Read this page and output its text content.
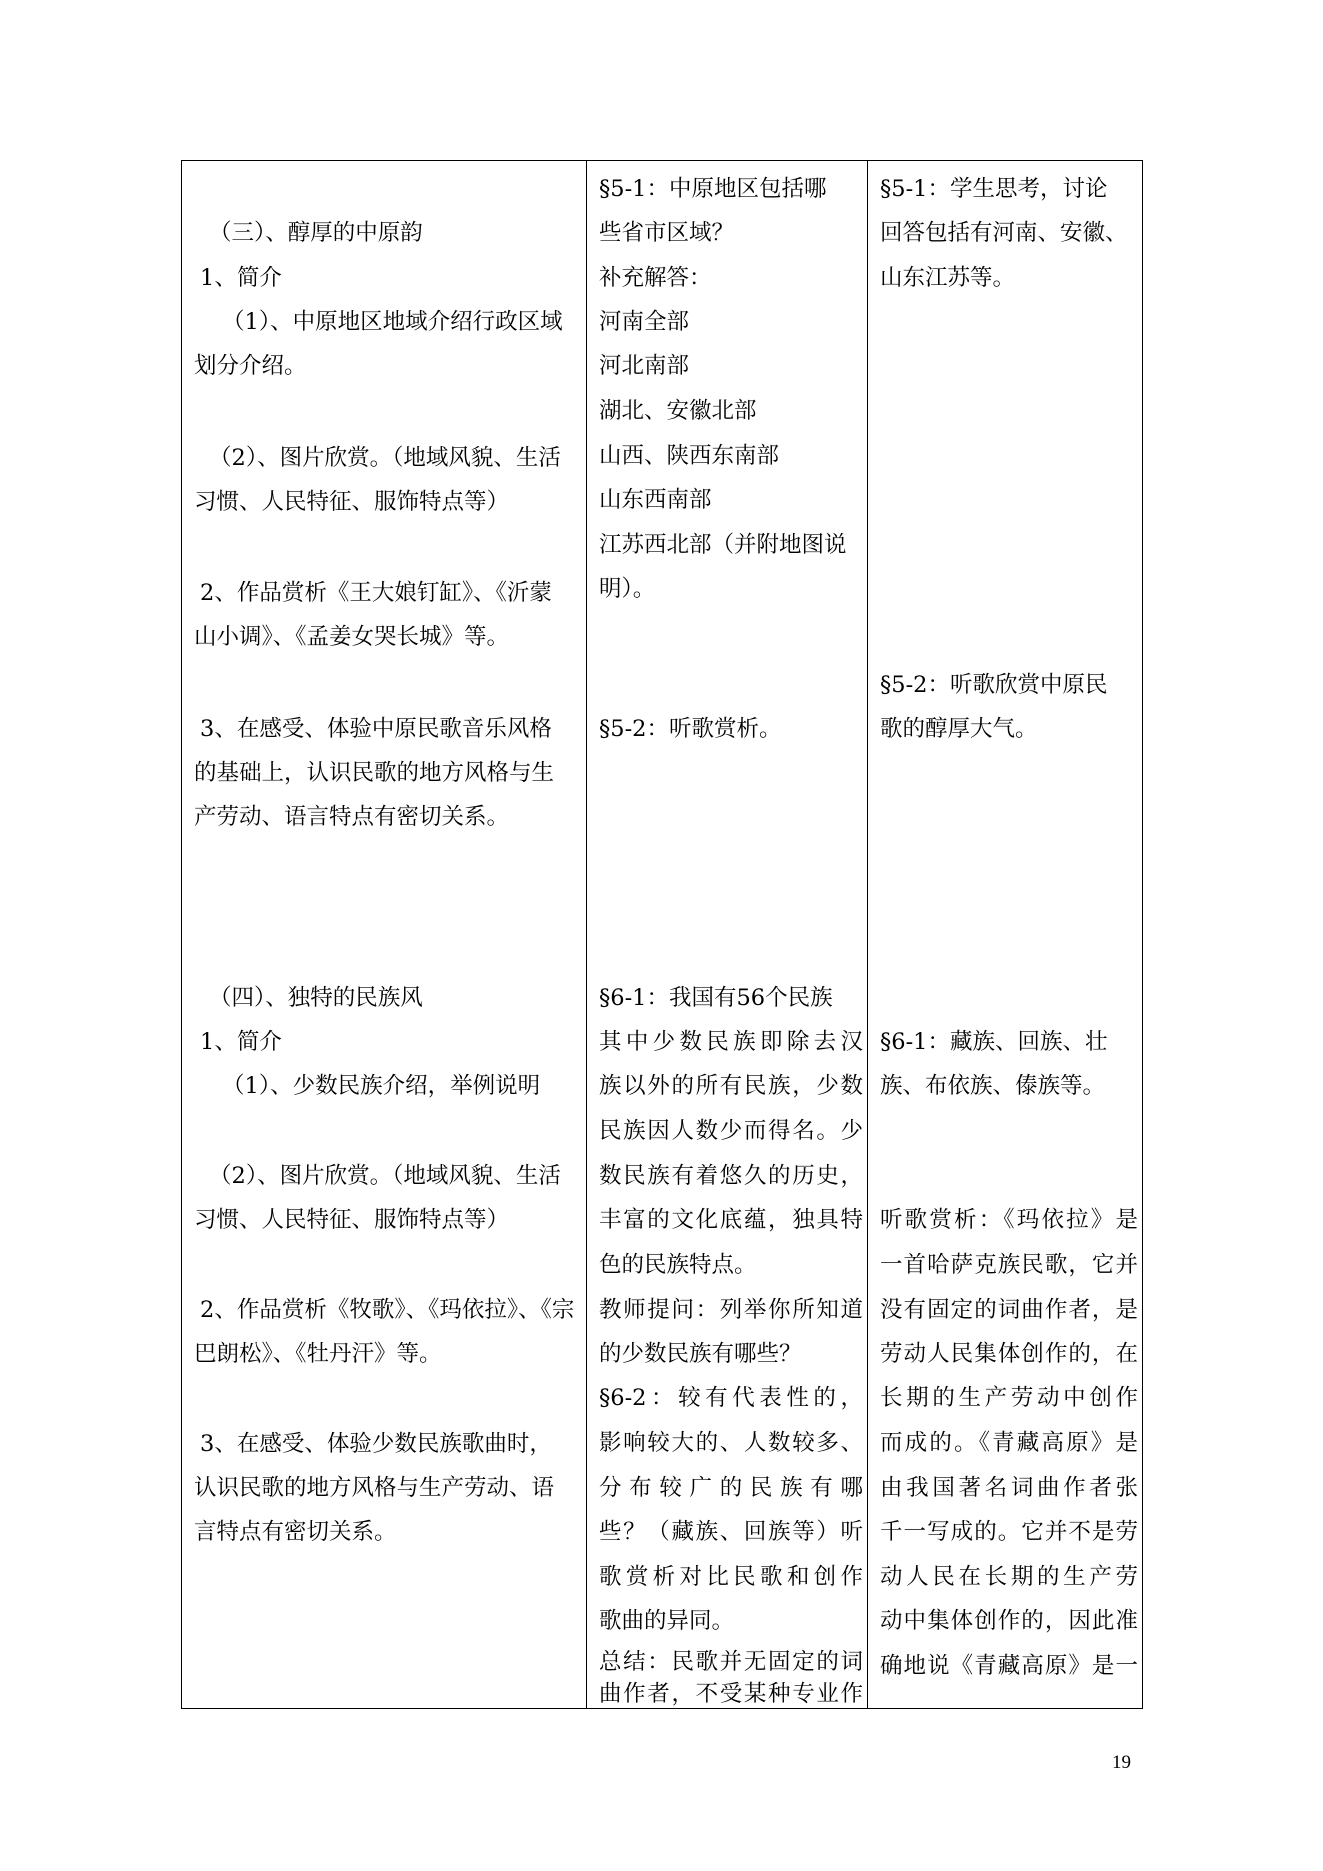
（三）、醇厚的中原韵
1、简介
（1）、中原地区地域介绍行政区域
划分介绍。
（2）、图片欣赏。（地域风貌、生活
习惯、人民特征、服饰特点等）
2、作品赏析《王大娘钉缸》、《沂蒙
山小调》、《孟姜女哭长城》等。
3、在感受、体验中原民歌音乐风格
的基础上，认识民歌的地方风格与生
产劳动、语言特点有密切关系。
（四）、独特的民族风
1、简介
（1）、少数民族介绍，举例说明
（2）、图片欣赏。（地域风貌、生活
习惯、人民特征、服饰特点等）
2、作品赏析《牧歌》、《玛依拉》、《宗
巴朗松》、《牡丹汗》等。
3、在感受、体验少数民族歌曲时，
认识民歌的地方风格与生产劳动、语
言特点有密切关系。
§5-1：中原地区包括哪
些省市区域？
补充解答：
河南全部
河北南部
湖北、安徽北部
山西、陕西东南部
山东西南部
江苏西北部（并附地图说
明）。
§5-2：听歌赏析。
§6-1：我国有56个民族
其中少数民族即除去汉
族以外的所有民族，少数
民族因人数少而得名。少
数民族有着悠久的历史，
丰富的文化底蕴，独具特
色的民族特点。
教师提问：列举你所知道
的少数民族有哪些？
§6-2：较有代表性的，
影响较大的、人数较多、
分布较广的民族有哪
些？（藏族、回族等）听
歌赏析对比民歌和创作
歌曲的异同。
总结：民歌并无固定的词
曲作者，不受某种专业作
§5-1：学生思考，讨论
回答包括有河南、安徽、
山东江苏等。
§5-2：听歌欣赏中原民
歌的醇厚大气。
§6-1：藏族、回族、壮
族、布依族、傣族等。
听歌赏析：《玛依拉》是
一首哈萨克族民歌，它并
没有固定的词曲作者，是
劳动人民集体创作的，在
长期的生产劳动中创作
而成的。《青藏高原》是
由我国著名词曲作者张
千一写成的。它并不是劳
动人民在长期的生产劳
动中集体创作的，因此准
确地说《青藏高原》是一
19
